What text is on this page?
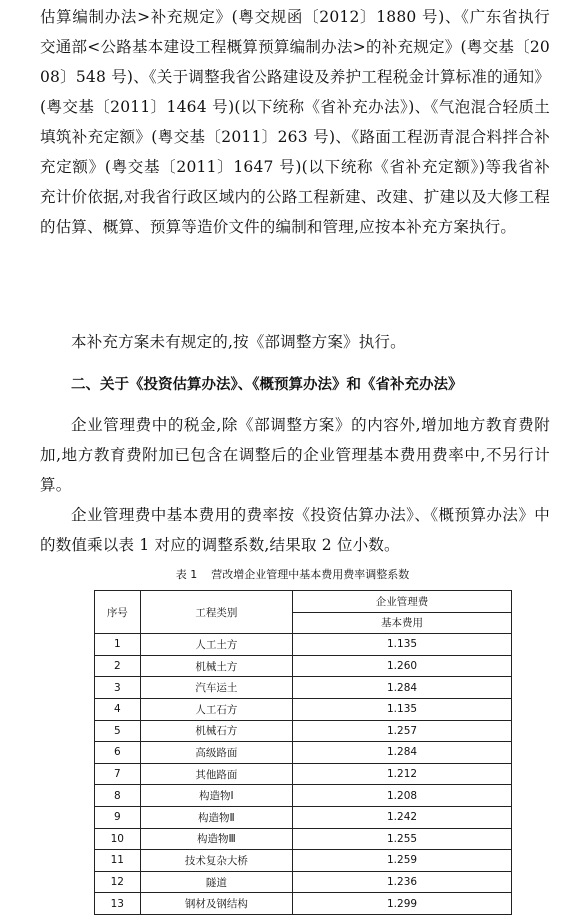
估算编制办法>补充规定》(粤交规函〔2012〕1880 号)、《广东省执行交通部<公路基本建设工程概算预算编制办法>的补充规定》(粤交基〔2008〕548 号)、《关于调整我省公路建设及养护工程税金计算标准的通知》(粤交基〔2011〕1464 号)(以下统称《省补充办法》)、《气泡混合轻质土填筑补充定额》(粤交基〔2011〕263 号)、《路面工程沥青混合料拌合补充定额》(粤交基〔2011〕1647 号)(以下统称《省补充定额》)等我省补充计价依据,对我省行政区域内的公路工程新建、改建、扩建以及大修工程的估算、概算、预算等造价文件的编制和管理,应按本补充方案执行。

本补充方案未有规定的,按《部调整方案》执行。

二、关于《投资估算办法》、《概预算办法》和《省补充办法》

企业管理费中的税金,除《部调整方案》的内容外,增加地方教育费附加,地方教育费附加已包含在调整后的企业管理基本费用费率中,不另行计算。

企业管理费中基本费用的费率按《投资估算办法》、《概预算办法》中的数值乘以表 1 对应的调整系数,结果取 2 位小数。

表 1 营改增企业管理中基本费用费率调整系数

序号	工程类别	企业管理费
		基本费用
1	人工土方	1.135
2	机械土方	1.260
3	汽车运土	1.284
4	人工石方	1.135
5	机械石方	1.257
6	高级路面	1.284
7	其他路面	1.212
8	构造物Ⅰ	1.208
9	构造物Ⅱ	1.242
10	构造物Ⅲ	1.255
11	技术复杂大桥	1.259
12	隧道	1.236
13	钢材及钢结构	1.299
